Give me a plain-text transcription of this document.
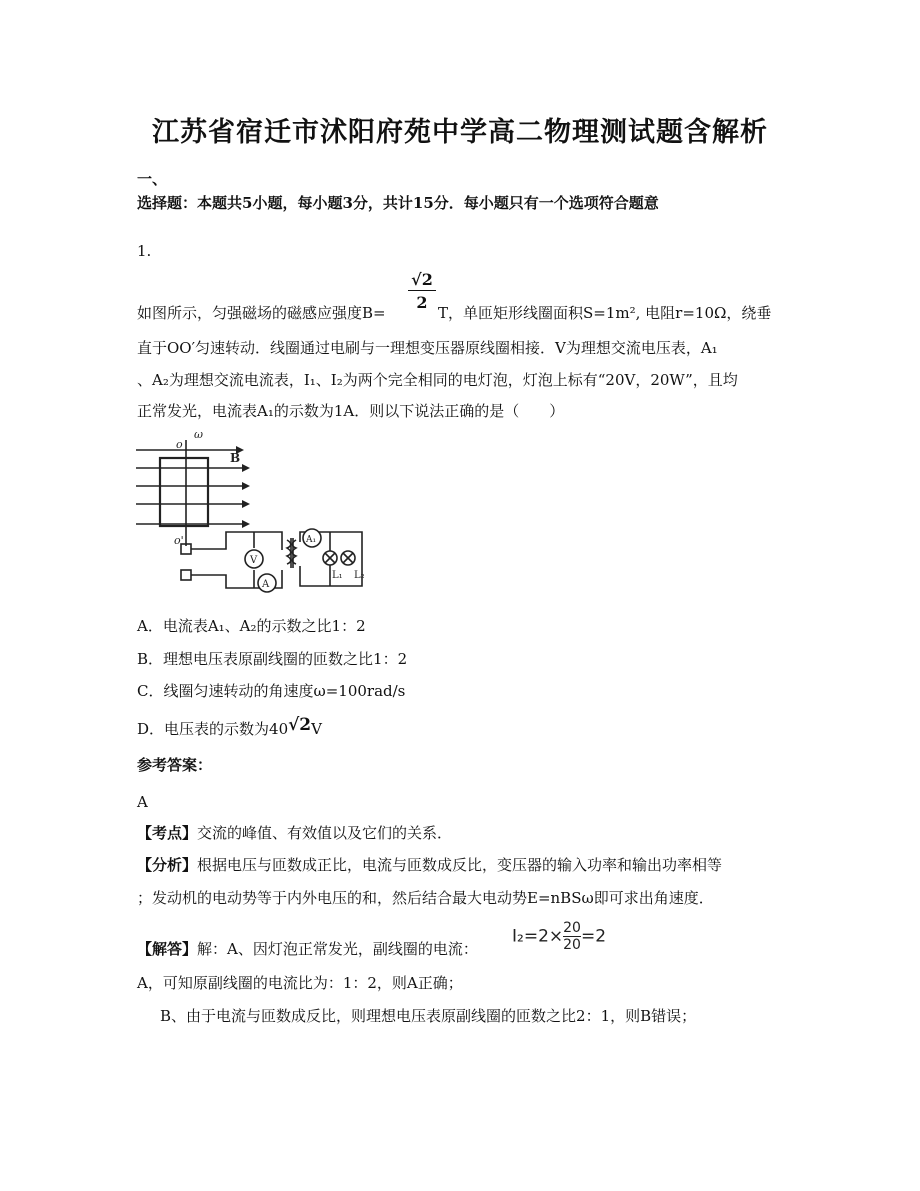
江苏省宿迁市沭阳府苑中学高二物理测试题含解析
一、
选择题：本题共5小题，每小题3分，共计15分．每小题只有一个选项符合题意
1.
$\frac{√2}{2}$
如图所示，匀强磁场的磁感应强度B=	T，单匝矩形线圈面积S=1m², 电阻r=10Ω，绕垂
直于OO′匀速转动．线圈通过电刷与一理想变压器原线圈相接．V为理想交流电压表，A₁
、A₂为理想交流电流表，I₁、I₂为两个完全相同的电灯泡，灯泡上标有“20V，20W”，且均
正常发光，电流表A₁的示数为1A．则以下说法正确的是（　　）
o
ω
B
o'
V
A
A₁
L₁ L₂
A．电流表A₁、A₂的示数之比1：2
B．理想电压表原副线圈的匝数之比1：2
C．线圈匀速转动的角速度ω=100rad/s
D．电压表的示数为40√2V
参考答案：
A
【考点】交流的峰值、有效值以及它们的关系．
【分析】根据电压与匝数成正比，电流与匝数成反比，变压器的输入功率和输出功率相等
；发动机的电动势等于内外电压的和，然后结合最大电动势E=nBSω即可求出角速度．
【解答】解：A、因灯泡正常发光，副线圈的电流：
$I_2=2\times \frac{20}{20} =2$
A，可知原副线圈的电流比为：1：2，则A正确；
B、由于电流与匝数成反比，则理想电压表原副线圈的匝数之比2：1，则B错误；
